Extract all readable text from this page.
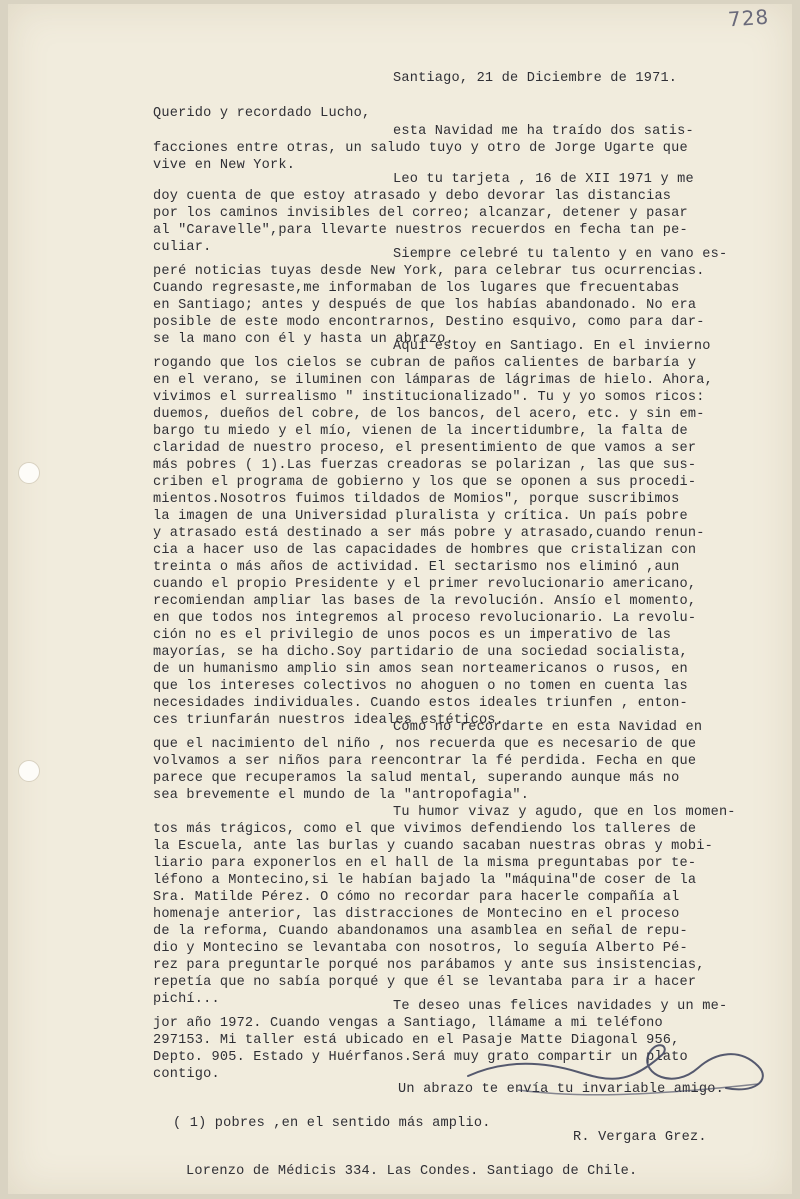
728
Santiago, 21 de Diciembre de 1971.
Querido y recordado Lucho,
esta Navidad me ha traído dos satis-
facciones entre otras, un saludo tuyo y otro de Jorge Ugarte que
vive en New York.
Leo tu tarjeta , 16 de XII 1971 y me
doy cuenta de que estoy atrasado y debo devorar las distancias
por los caminos invisibles del correo; alcanzar, detener y pasar
al "Caravelle",para llevarte nuestros recuerdos en fecha tan pe-
culiar.	Siempre celebré tu talento y en vano es-
peré noticias tuyas desde New York, para celebrar tus ocurrencias.
Cuando regresaste,me informaban de los lugares que frecuentabas
en Santiago; antes y después de que los habías abandonado. No era
posible de este modo encontrarnos, Destino esquivo, como para dar-
se la mano con él y hasta un abrazo.
Aquí estoy en Santiago. En el invierno
rogando que los cielos se cubran de paños calientes de barbaría y
en el verano, se iluminen con lámparas de lágrimas de hielo. Ahora,
vivimos el surrealismo " institucionalizado". Tu y yo somos ricos:
duemos, dueños del cobre, de los bancos, del acero, etc. y sin em-
bargo tu miedo y el mío, vienen de la incertidumbre, la falta de
claridad de nuestro proceso, el presentimiento de que vamos a ser
más pobres ( 1).Las fuerzas creadoras se polarizan , las que sus-
criben el programa de gobierno y los que se oponen a sus procedi-
mientos.Nosotros fuimos tildados de Momios", porque suscribimos
la imagen de una Universidad pluralista y crítica. Un país pobre
y atrasado está destinado a ser más pobre y atrasado,cuando renun-
cia a hacer uso de las capacidades de hombres que cristalizan con
treinta o más años de actividad. El sectarismo nos eliminó ,aun
cuando el propio Presidente y el primer revolucionario americano,
recomiendan ampliar las bases de la revolución. Ansío el momento,
en que todos nos integremos al proceso revolucionario. La revolu-
ción no es el privilegio de unos pocos es un imperativo de las
mayorías, se ha dicho.Soy partidario de una sociedad socialista,
de un humanismo amplio sin amos sean norteamericanos o rusos, en
que los intereses colectivos no ahoguen o no tomen en cuenta las
necesidades individuales. Cuando estos ideales triunfen , enton-
ces triunfarán nuestros ideales estéticos.
Cómo no recordarte en esta Navidad en
que el nacimiento del niño , nos recuerda que es necesario de que
volvamos a ser niños para reencontrar la fé perdida. Fecha en que
parece que recuperamos la salud mental, superando aunque más no
sea brevemente el mundo de la "antropofagia".
Tu humor vivaz y agudo, que en los momen-
tos más trágicos, como el que vivimos defendiendo los talleres de
la Escuela, ante las burlas y cuando sacaban nuestras obras y mobi-
liario para exponerlos en el hall de la misma preguntabas por te-
léfono a Montecino,si le habían bajado la "máquina"de coser de la
Sra. Matilde Pérez. O cómo no recordar para hacerle compañía al
homenaje anterior, las distracciones de Montecino en el proceso
de la reforma, Cuando abandonamos una asamblea en señal de repu-
dio y Montecino se levantaba con nosotros, lo seguía Alberto Pé-
rez para preguntarle porqué nos parábamos y ante sus insistencias,
repetía que no sabía porqué y que él se levantaba para ir a hacer
pichí...	Te deseo unas felices navidades y un me-
jor año 1972. Cuando vengas a Santiago, llámame a mi teléfono
297153. Mi taller está ubicado en el Pasaje Matte Diagonal 956,
Depto. 905. Estado y Huérfanos.Será muy grato compartir un plato
contigo.
Un abrazo te envía tu invariable amigo.
( 1) pobres ,en el sentido más amplio.
R. Vergara Grez.
Lorenzo de Médicis 334. Las Condes. Santiago de Chile.
